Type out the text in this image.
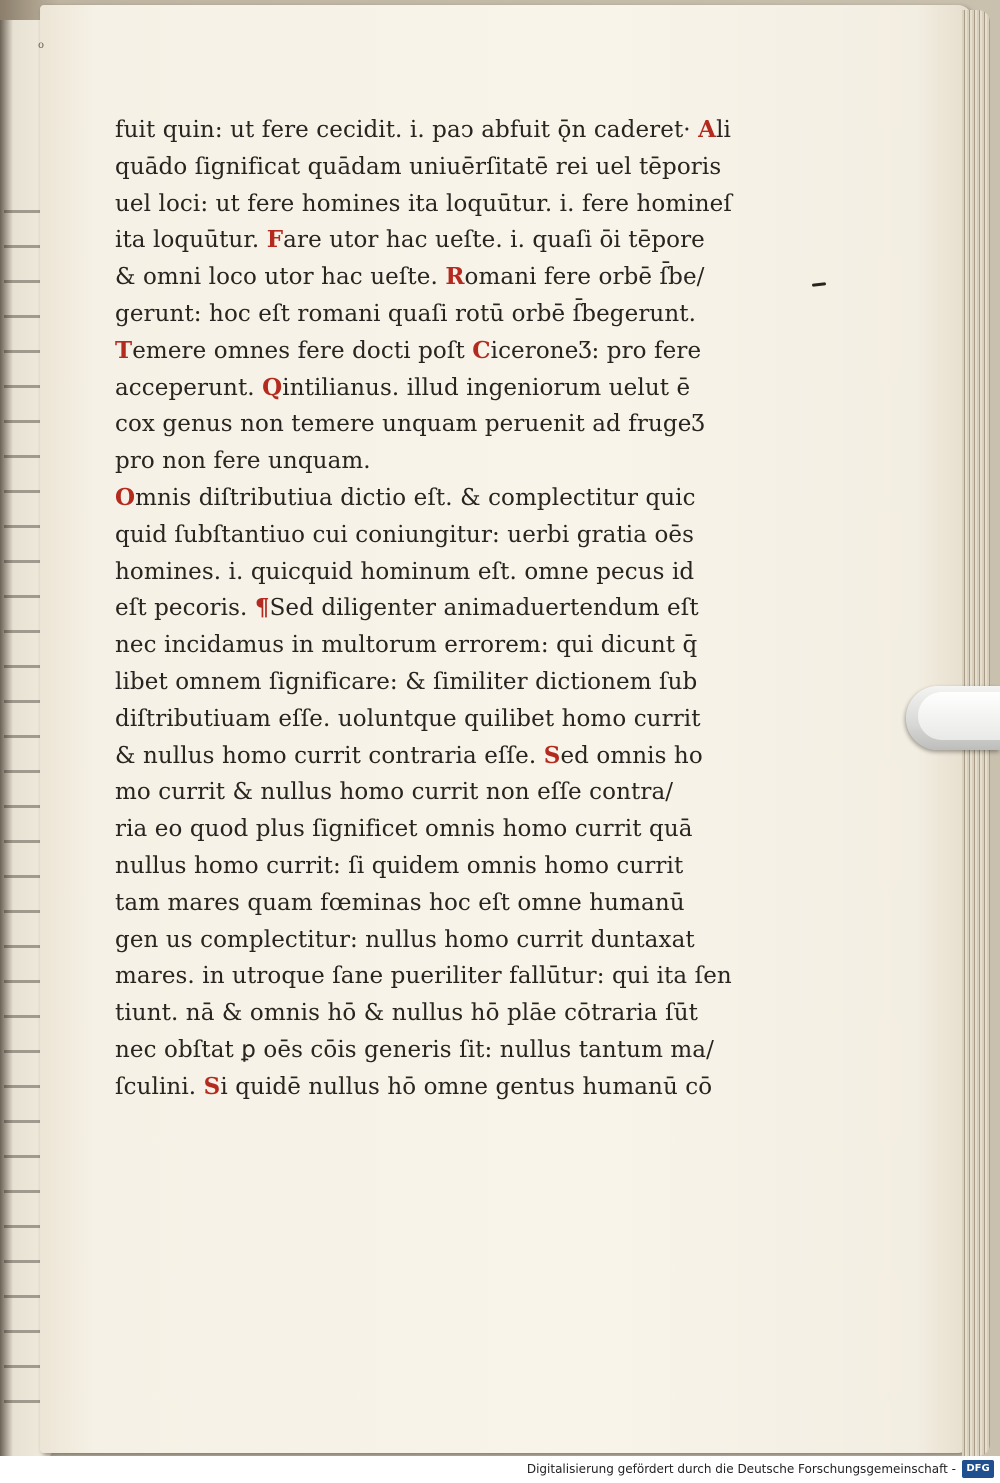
o
fuit quin: ut fere cecidit. i. paↄ abfuit ǭn caderet· Ali
quādo ſignificat quādam uniuērſitatē rei uel tēporis
uel loci: ut fere homines ita loquūtur. i. fere homineſ
ita loquūtur. Fare utor hac ueſte. i. quaſi ōi tēpore
& omni loco utor hac ueſte. Romani fere orbē ſ̄be/
gerunt: hoc eſt romani quaſi rotū orbē ſ̄begerunt.
Temere omnes fere docti poſt CiceroneƷ: pro fere
acceperunt. Qintilianus. illud ingeniorum uelut ē
cox genus non temere unquam peruenit ad frugeƷ
pro non fere unquam.
Omnis diſtributiua dictio eſt. & complectitur quic
quid ſubſtantiuo cui coniungitur: uerbi gratia oēs
homines. i. quicquid hominum eſt. omne pecus id
eſt pecoris. ¶Sed diligenter animaduertendum eſt
nec incidamus in multorum errorem: qui dicunt q̄
libet omnem ſignificare: & ſimiliter dictionem ſub
diſtributiuam eſſe. uoluntque quilibet homo currit
& nullus homo currit contraria eſſe. Sed omnis ho
mo currit & nullus homo currit non eſſe contra/
ria eo quod plus ſignificet omnis homo currit quā
nullus homo currit: ſi quidem omnis homo currit
tam mares quam fœminas hoc eſt omne humanū
gen us complectitur: nullus homo currit duntaxat
mares. in utroque ſane pueriliter fallūtur: qui ita ſen
tiunt. nā & omnis hō & nullus hō plāe cōtraria ſūt
nec obſtat ꝑ oēs cōis generis ſit: nullus tantum ma/
ſculini. Si quidē nullus hō omne gentus humanū cō
Digitalisierung gefördert durch die Deutsche Forschungsgemeinschaft -	DFG
